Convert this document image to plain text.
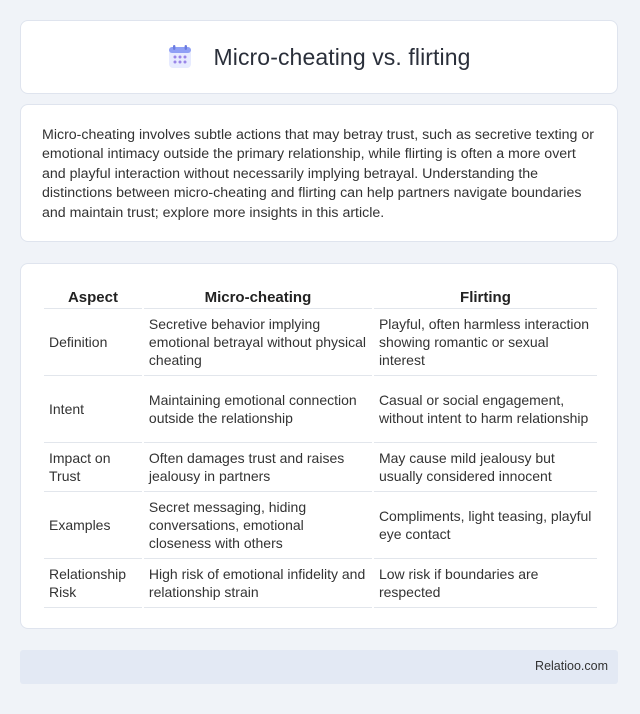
Micro-cheating vs. flirting

Micro-cheating involves subtle actions that may betray trust, such as secretive texting or emotional intimacy outside the primary relationship, while flirting is often a more overt and playful interaction without necessarily implying betrayal. Understanding the distinctions between micro-cheating and flirting can help partners navigate boundaries and maintain trust; explore more insights in this article.

Aspect	Micro-cheating	Flirting
Definition	Secretive behavior implying emotional betrayal without physical cheating	Playful, often harmless interaction showing romantic or sexual interest
Intent	Maintaining emotional connection outside the relationship	Casual or social engagement, without intent to harm relationship
Impact on Trust	Often damages trust and raises jealousy in partners	May cause mild jealousy but usually considered innocent
Examples	Secret messaging, hiding conversations, emotional closeness with others	Compliments, light teasing, playful eye contact
Relationship Risk	High risk of emotional infidelity and relationship strain	Low risk if boundaries are respected
Relatioo.com
